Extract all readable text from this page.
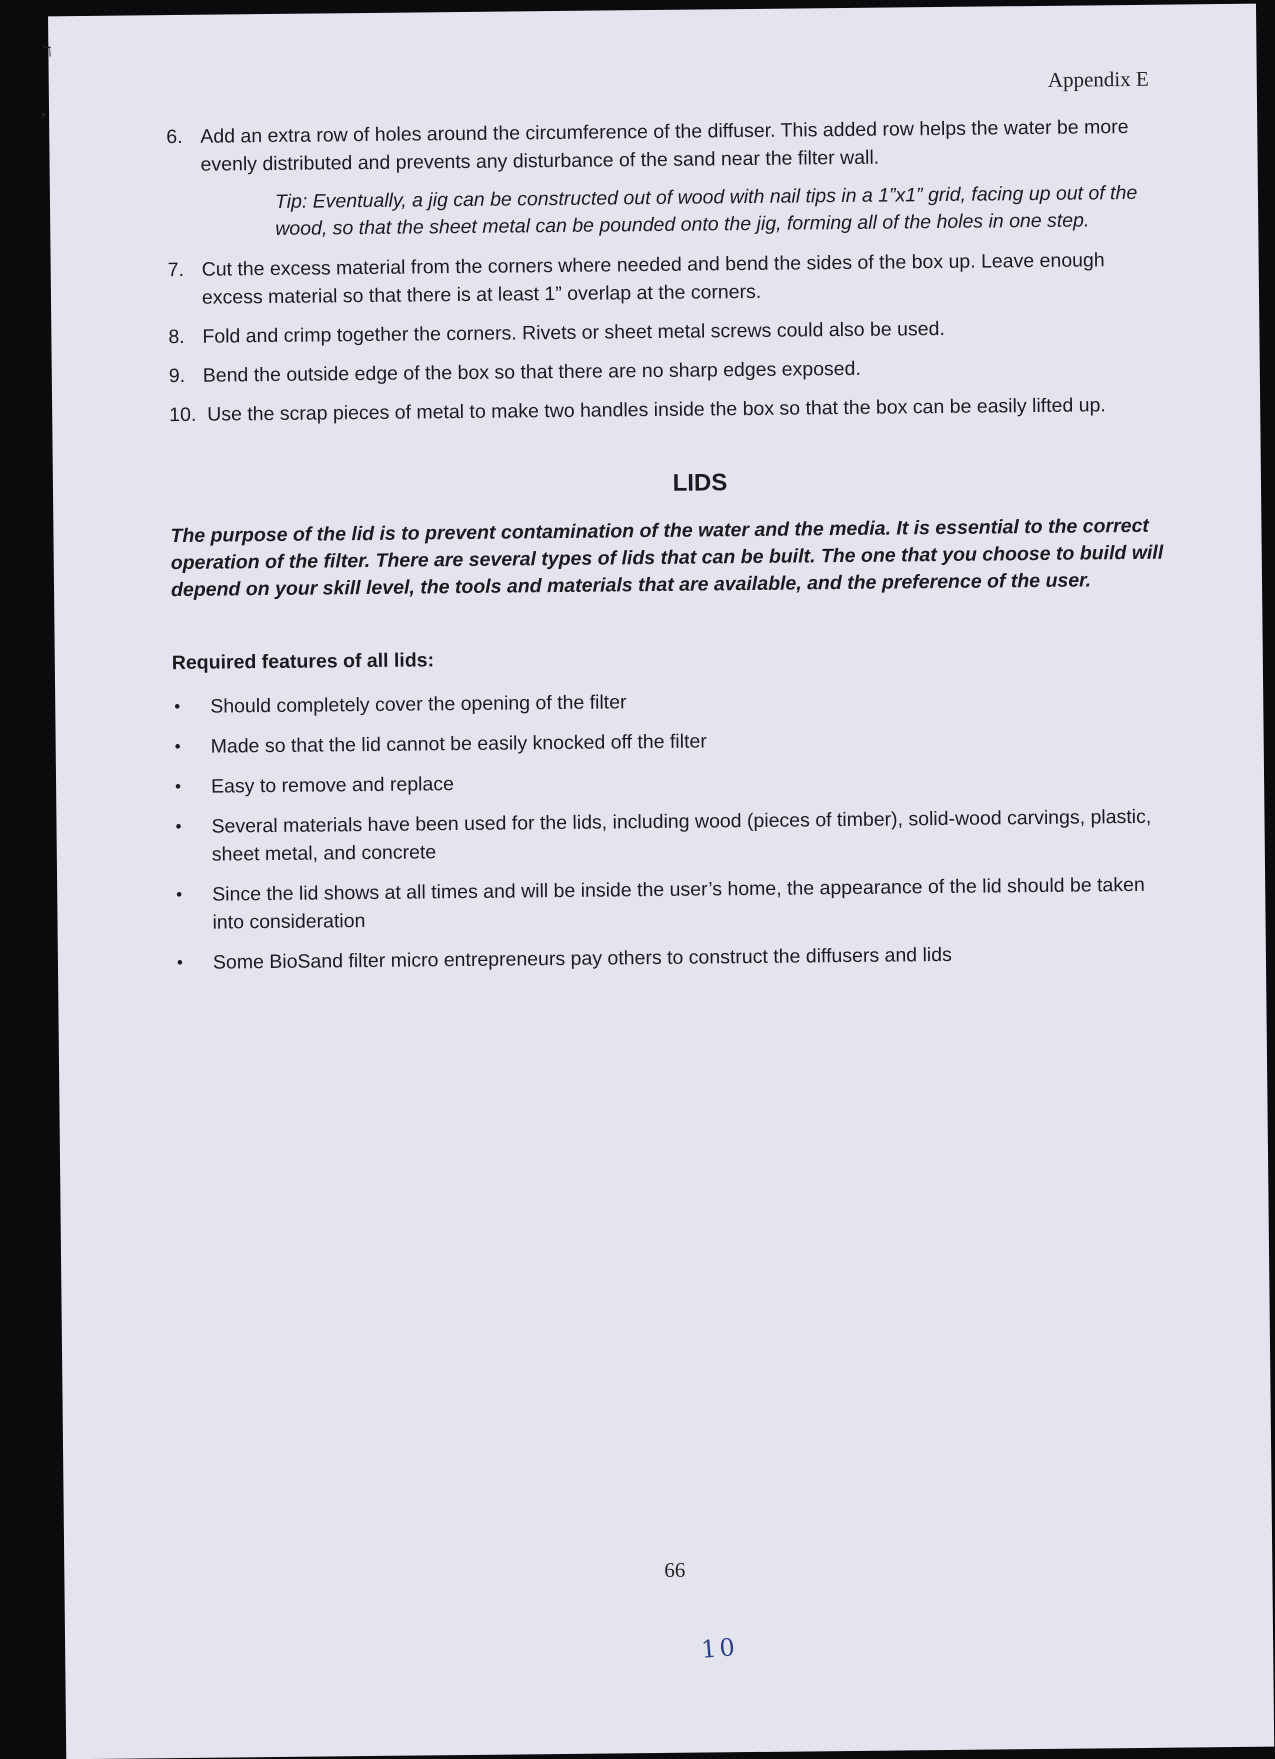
ℸ
▾
Appendix E
6. Add an extra row of holes around the circumference of the diffuser. This added row helps the water be more evenly distributed and prevents any disturbance of the sand near the filter wall.

Tip: Eventually, a jig can be constructed out of wood with nail tips in a 1”x1” grid, facing up out of the wood, so that the sheet metal can be pounded onto the jig, forming all of the holes in one step.

7. Cut the excess material from the corners where needed and bend the sides of the box up. Leave enough excess material so that there is at least 1” overlap at the corners.
8. Fold and crimp together the corners. Rivets or sheet metal screws could also be used.
9. Bend the outside edge of the box so that there are no sharp edges exposed.
10. Use the scrap pieces of metal to make two handles inside the box so that the box can be easily lifted up.
LIDS

The purpose of the lid is to prevent contamination of the water and the media. It is essential to the correct operation of the filter. There are several types of lids that can be built. The one that you choose to build will depend on your skill level, the tools and materials that are available, and the preference of the user.

Required features of all lids:
• Should completely cover the opening of the filter
• Made so that the lid cannot be easily knocked off the filter
• Easy to remove and replace
• Several materials have been used for the lids, including wood (pieces of timber), solid-wood carvings, plastic, sheet metal, and concrete
• Since the lid shows at all times and will be inside the user’s home, the appearance of the lid should be taken into consideration
• Some BioSand filter micro entrepreneurs pay others to construct the diffusers and lids
66
10
